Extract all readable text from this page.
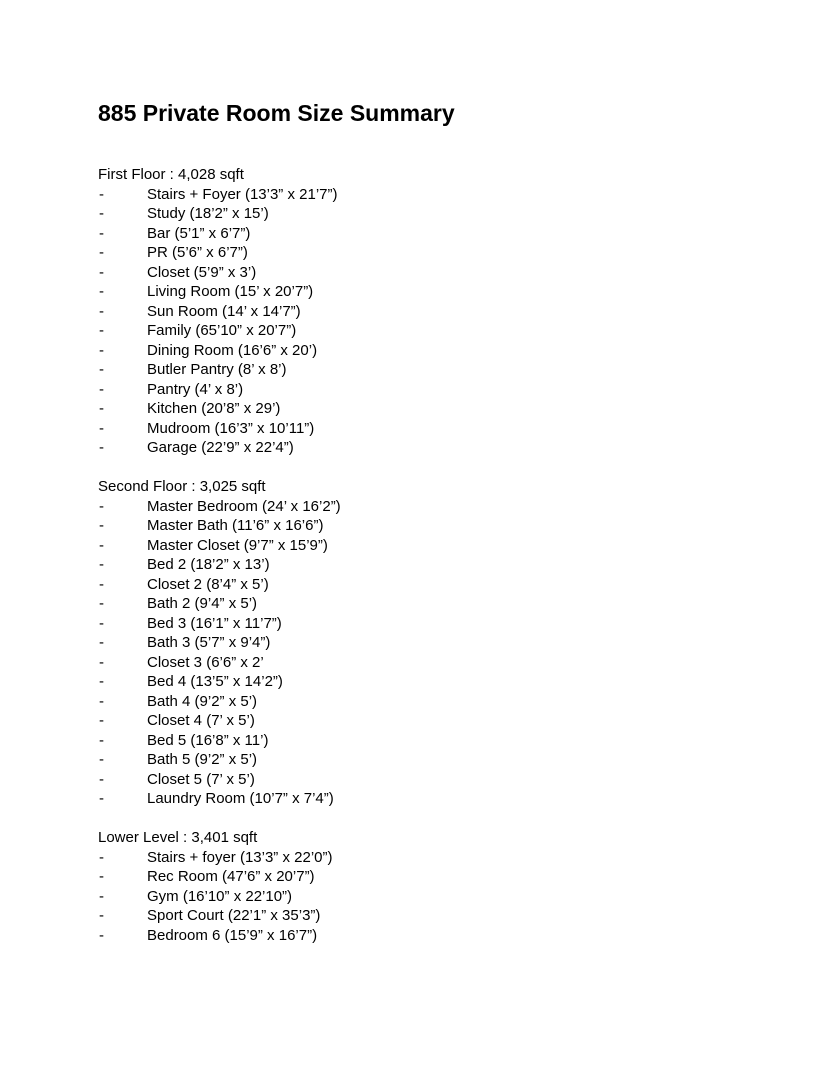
885 Private Room Size Summary
First Floor : 4,028 sqft
-	Stairs + Foyer (13’3” x 21’7”)
-	Study (18’2” x 15’)
-	Bar (5’1” x 6’7”)
-	PR (5’6” x 6’7”)
-	Closet (5’9” x 3’)
-	Living Room (15’ x 20’7”)
-	Sun Room (14’ x 14’7”)
-	Family (65’10” x 20’7”)
-	Dining Room (16’6” x 20’)
-	Butler Pantry (8’ x 8’)
-	Pantry (4’ x 8’)
-	Kitchen (20’8” x 29’)
-	Mudroom (16’3” x 10’11”)
-	Garage (22’9” x 22’4”)
Second Floor : 3,025 sqft
-	Master Bedroom (24’ x 16’2”)
-	Master Bath (11’6” x 16’6”)
-	Master Closet (9’7” x 15’9”)
-	Bed 2 (18’2” x 13’)
-	Closet 2 (8’4” x 5’)
-	Bath 2 (9’4” x 5’)
-	Bed 3 (16’1” x 11’7”)
-	Bath 3 (5’7” x 9’4”)
-	Closet 3 (6’6” x 2’
-	Bed 4 (13’5” x 14’2”)
-	Bath 4 (9’2” x 5’)
-	Closet 4 (7’ x 5’)
-	Bed 5 (16’8” x 11’)
-	Bath 5 (9’2” x 5’)
-	Closet 5 (7’ x 5’)
-	Laundry Room (10’7” x 7’4”)
Lower Level : 3,401 sqft
-	Stairs + foyer (13’3” x 22’0”)
-	Rec Room (47’6” x 20’7”)
-	Gym (16’10” x 22’10”)
-	Sport Court (22’1” x 35’3”)
-	Bedroom 6 (15’9” x 16’7”)
